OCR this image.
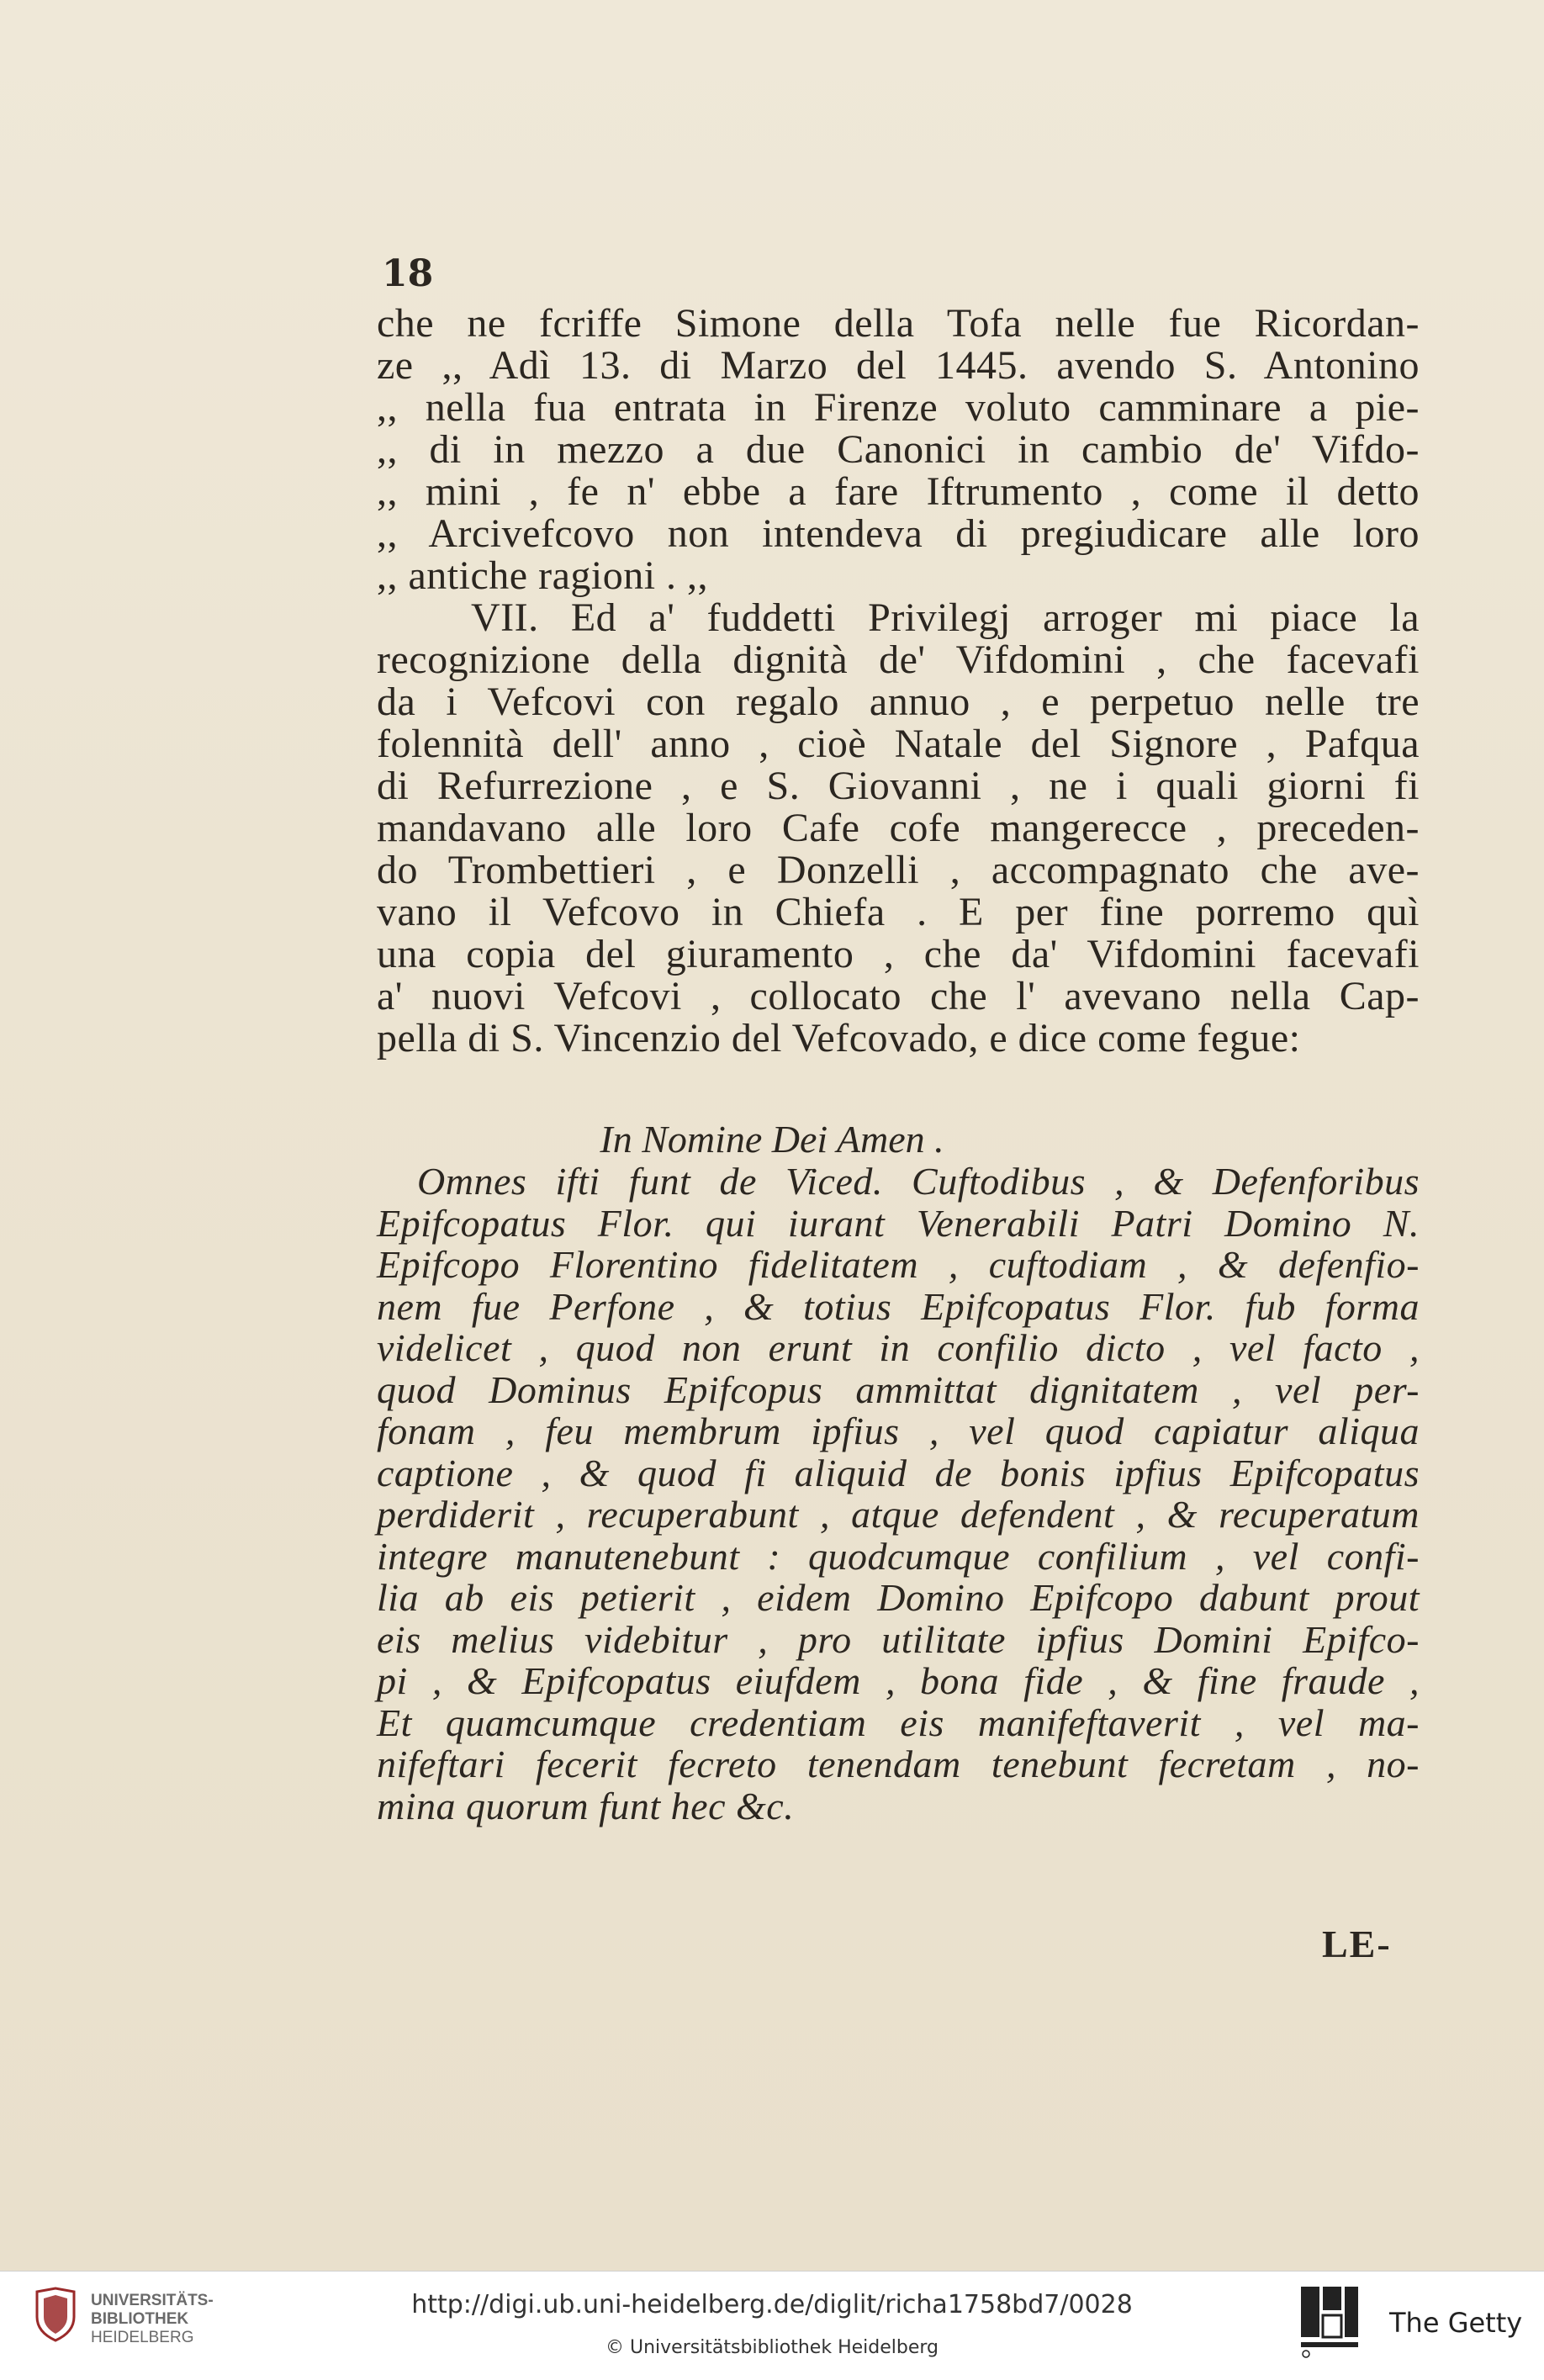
18
che ne fcriffe Simone della Tofa nelle fue Ricordan-
ze ,, Adì 13. di Marzo del 1445. avendo S. Antonino
,, nella fua entrata in Firenze voluto camminare a pie-
,, di in mezzo a due Canonici in cambio de' Vifdo-
,, mini , fe n' ebbe a fare Iftrumento , come il detto
,, Arcivefcovo non intendeva di pregiudicare alle loro
,, antiche ragioni . ,,
VII. Ed a' fuddetti Privilegj arroger mi piace la
recognizione della dignità de' Vifdomini , che facevafi
da i Vefcovi con regalo annuo , e perpetuo nelle tre
folennità dell' anno , cioè Natale del Signore , Pafqua
di Refurrezione , e S. Giovanni , ne i quali giorni fi
mandavano alle loro Cafe cofe mangerecce , preceden-
do Trombettieri , e Donzelli , accompagnato che ave-
vano il Vefcovo in Chiefa . E per fine porremo quì
una copia del giuramento , che da' Vifdomini facevafi
a' nuovi Vefcovi , collocato che l' avevano nella Cap-
pella di S. Vincenzio del Vefcovado, e dice come fegue:
In Nomine Dei Amen .
Omnes ifti funt de Viced. Cuftodibus , & Defenforibus
Epifcopatus Flor. qui iurant Venerabili Patri Domino N.
Epifcopo Florentino fidelitatem , cuftodiam , & defenfio-
nem fue Perfone , & totius Epifcopatus Flor. fub forma
videlicet , quod non erunt in confilio dicto , vel facto ,
quod Dominus Epifcopus ammittat dignitatem , vel per-
fonam , feu membrum ipfius , vel quod capiatur aliqua
captione , & quod fi aliquid de bonis ipfius Epifcopatus
perdiderit , recuperabunt , atque defendent , & recuperatum
integre manutenebunt : quodcumque confilium , vel confi-
lia ab eis petierit , eidem Domino Epifcopo dabunt prout
eis melius videbitur , pro utilitate ipfius Domini Epifco-
pi , & Epifcopatus eiufdem , bona fide , & fine fraude ,
Et quamcumque credentiam eis manifeftaverit , vel ma-
nifeftari fecerit fecreto tenendam tenebunt fecretam , no-
mina quorum funt hec &c.
LE-
UNIVERSITÄTS-
BIBLIOTHEK
HEIDELBERG
http://digi.ub.uni-heidelberg.de/diglit/richa1758bd7/0028
© Universitätsbibliothek Heidelberg
The Getty
